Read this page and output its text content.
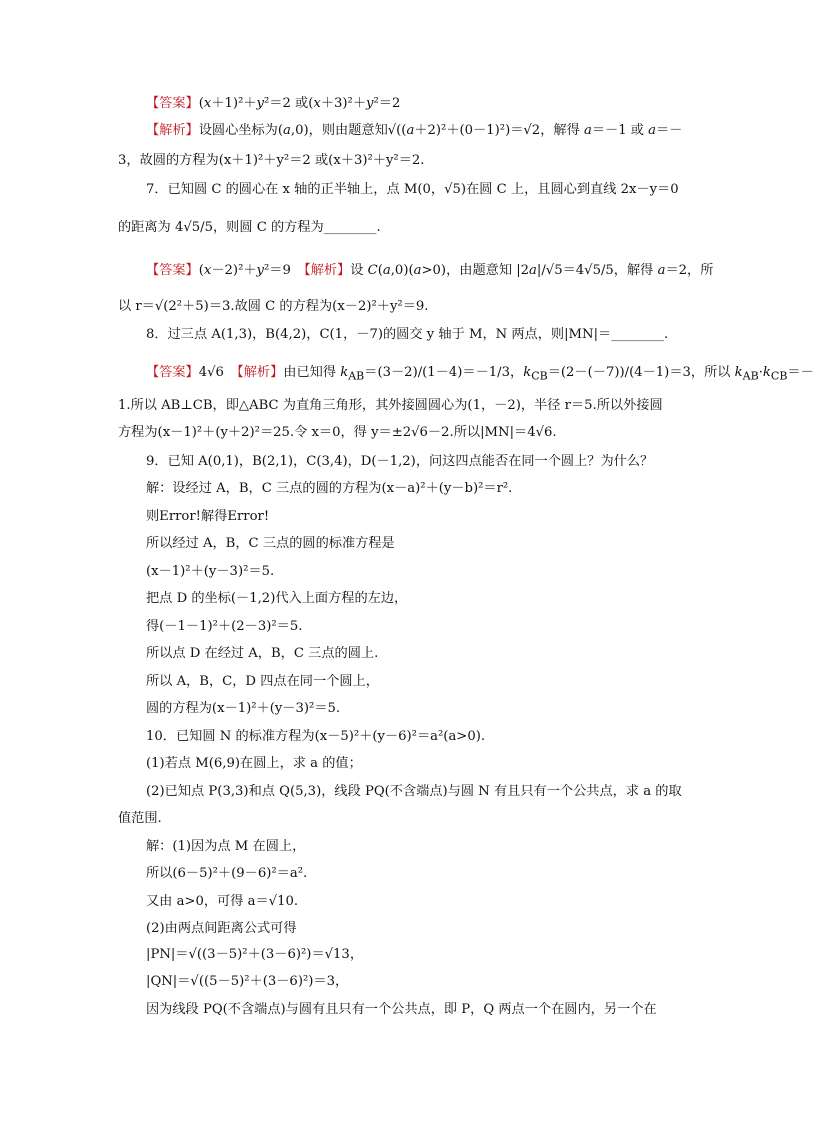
【答案】(x＋1)²＋y²＝2 或(x＋3)²＋y²＝2
【解析】设圆心坐标为(a,0)，则由题意知√((a＋2)²＋(0－1)²)＝√2，解得 a＝－1 或 a＝－
3，故圆的方程为(x＋1)²＋y²＝2 或(x＋3)²＋y²＝2.
7．已知圆 C 的圆心在 x 轴的正半轴上，点 M(0，√5)在圆 C 上，且圆心到直线 2x－y＝0
的距离为 4√5/5，则圆 C 的方程为________.
【答案】(x－2)²＋y²＝9　【解析】设 C(a,0)(a>0)，由题意知 |2a|/√5＝4√5/5，解得 a＝2，所
以 r＝√(2²＋5)＝3.故圆 C 的方程为(x－2)²＋y²＝9.
8．过三点 A(1,3)，B(4,2)，C(1，－7)的圆交 y 轴于 M，N 两点，则|MN|＝________.
【答案】4√6　【解析】由已知得 $k_{AB}=(3-2)/(1-4)=-1/3$，$k_{CB}=(2-(-7))/(4-1)=3$，所以 $k_{AB}\cdot k_{CB}=-$
1.所以 AB⊥CB，即△ABC 为直角三角形，其外接圆圆心为(1，－2)，半径 r＝5.所以外接圆
方程为(x－1)²＋(y＋2)²＝25.令 x＝0，得 y＝±2√6－2.所以|MN|＝4√6.
9．已知 A(0,1)，B(2,1)，C(3,4)，D(－1,2)，问这四点能否在同一个圆上？为什么？
解：设经过 A，B，C 三点的圆的方程为(x－a)²＋(y－b)²＝r².
则Error!解得Error!
所以经过 A，B，C 三点的圆的标准方程是
(x－1)²＋(y－3)²＝5.
把点 D 的坐标(－1,2)代入上面方程的左边，
得(－1－1)²＋(2－3)²＝5.
所以点 D 在经过 A，B，C 三点的圆上.
所以 A，B，C，D 四点在同一个圆上，
圆的方程为(x－1)²＋(y－3)²＝5.
10．已知圆 N 的标准方程为(x－5)²＋(y－6)²＝a²(a>0).
(1)若点 M(6,9)在圆上，求 a 的值；
(2)已知点 P(3,3)和点 Q(5,3)，线段 PQ(不含端点)与圆 N 有且只有一个公共点，求 a 的取
值范围.
解：(1)因为点 M 在圆上，
所以(6－5)²＋(9－6)²＝a².
又由 a>0，可得 a＝√10.
(2)由两点间距离公式可得
|PN|＝√((3－5)²＋(3－6)²)＝√13，
|QN|＝√((5－5)²＋(3－6)²)＝3，
因为线段 PQ(不含端点)与圆有且只有一个公共点，即 P，Q 两点一个在圆内，另一个在
